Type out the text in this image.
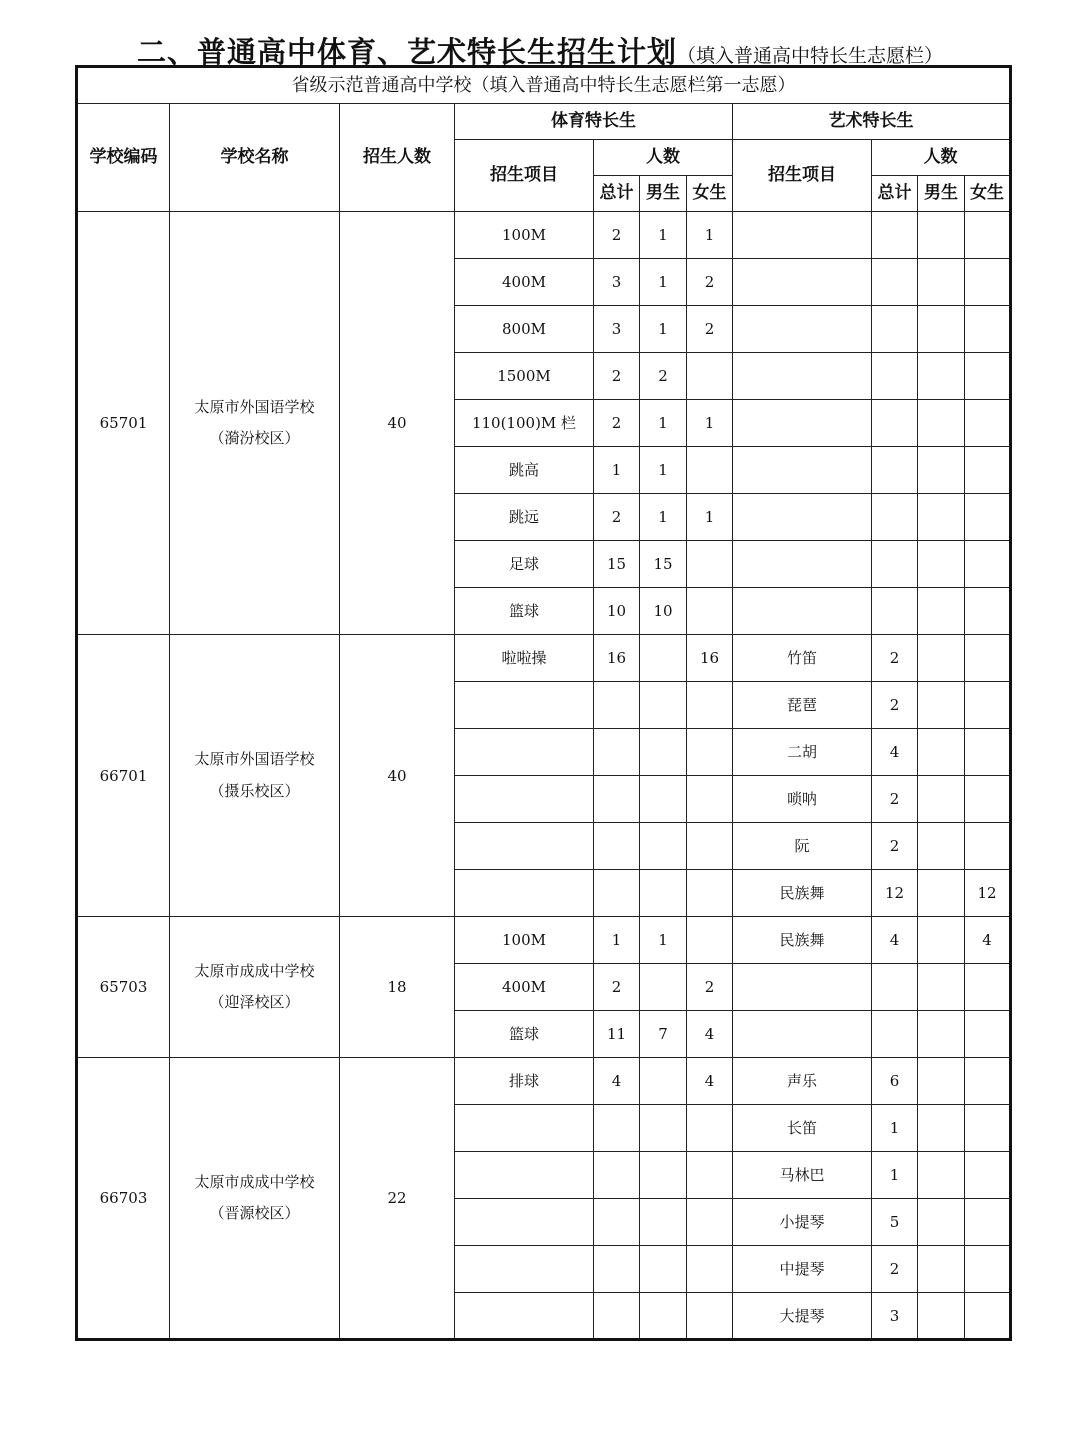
二、普通高中体育、艺术特长生招生计划（填入普通高中特长生志愿栏）
省级示范普通高中学校（填入普通高中特长生志愿栏第一志愿）										
学校编码	学校名称	招生人数	体育特长生				艺术特长生			
			招生项目	人数			招生项目	人数		
				总计	男生	女生		总计	男生	女生
65701	太原市外国语学校
（漪汾校区）	40	100M	2	1	1				
			400M	3	1	2				
			800M	3	1	2				
			1500M	2	2					
			110(100)M 栏	2	1	1				
			跳高	1	1					
			跳远	2	1	1				
			足球	15	15					
			篮球	10	10					
66701	太原市外国语学校
（摄乐校区）	40	啦啦操	16		16	竹笛	2		
							琵琶	2		
							二胡	4		
							唢呐	2		
							阮	2		
							民族舞	12		12
65703	太原市成成中学校
（迎泽校区）	18	100M	1	1		民族舞	4		4
			400M	2		2				
			篮球	11	7	4				
66703	太原市成成中学校
（晋源校区）	22	排球	4		4	声乐	6		
							长笛	1		
							马林巴	1		
							小提琴	5		
							中提琴	2		
							大提琴	3		
